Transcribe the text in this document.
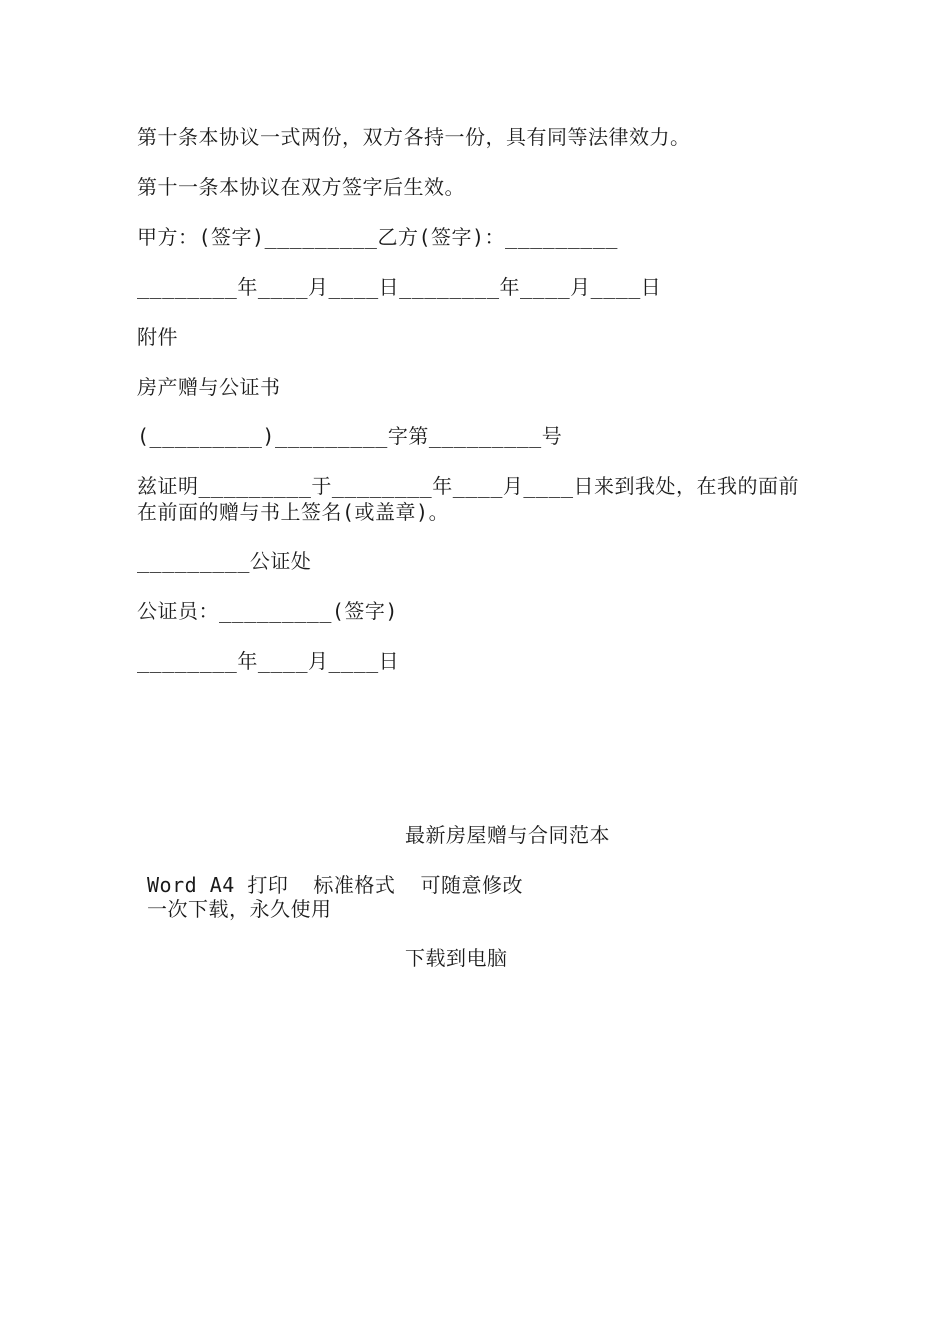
第十条本协议一式两份，双方各持一份，具有同等法律效力。
第十一条本协议在双方签字后生效。
甲方：(签字)_________乙方(签字)：_________
________年____月____日________年____月____日
附件
房产赠与公证书
(_________)_________字第_________号
兹证明_________于________年____月____日来到我处，在我的面前在前面的赠与书上签名(或盖章)。
_________公证处
公证员：_________(签字)
________年____月____日
最新房屋赠与合同范本
Word A4 打印  标准格式  可随意修改
一次下载，永久使用
下载到电脑
